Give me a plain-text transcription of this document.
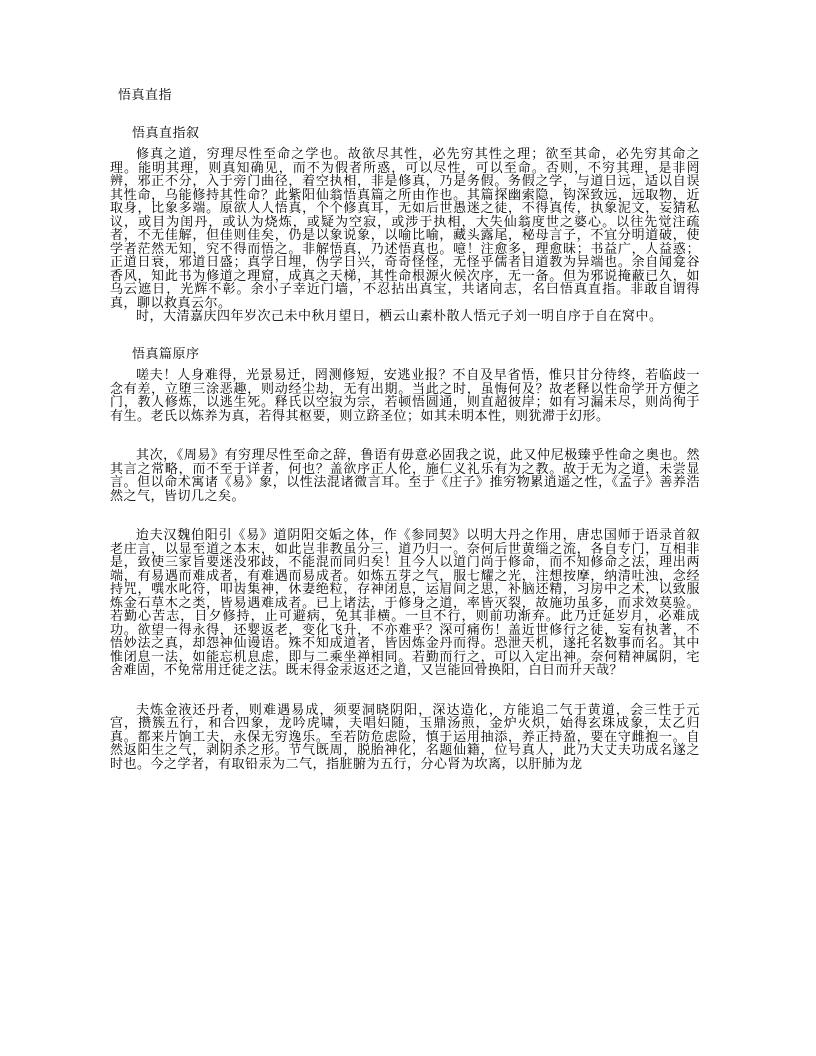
悟真直指
悟真直指叙

修真之道，穷理尽性至命之学也。故欲尽其性，必先穷其性之理；欲至其命，必先穷其命之理。能明其理，则真知确见，而不为假者所惑，可以尽性，可以至命。否则，不穷其理，是非罔辨，邪正不分，入于旁门曲径，着空执相，非是修真，乃是务假。务假之学，与道日远，适以自误其性命，乌能修持其性命？此紫阳仙翁悟真篇之所由作也。其篇探幽索隐，钩深致远，远取物，近取身，比象多端。原欲人人悟真，个个修真耳，无如后世愚迷之徒，不得真传，执象泥文，妄猜私议，或目为闺丹，或认为烧炼，或疑为空寂，或涉于执相，大失仙翁度世之婆心。以往先觉注疏者，不无佳解，但佳则佳矣，仍是以象说象，以喻比喻，藏头露尾，秘母言子，不宜分明道破，使学者茫然无知，究不得而悟之。非解悟真，乃述悟真也。噫！注愈多，理愈昧；书益广，人益惑；正道日衰，邪道日盛；真学日埋，伪学日兴，奇奇怪怪，无怪乎儒者目道教为异端也。余自闻龛谷香风，知此书为修道之理窟，成真之天梯，其性命根源火候次序，无一备。但为邪说掩蔽已久，如乌云遮日，光辉不彰。余小子幸近门墙，不忍拈出真宝，共诸同志，名曰悟真直指。非敢自谓得真，聊以救真云尔。

时，大清嘉庆四年岁次己未中秋月望日，栖云山素朴散人悟元子刘一明自序于自在窝中。

悟真篇原序

嗟夫！人身难得，光景易迁，罔测修短，安逃业报？不自及早省悟，惟只甘分待终，若临歧一念有差，立堕三涂恶趣，则动经尘劫，无有出期。当此之时，虽悔何及？故老释以性命学开方便之门，教人修炼，以逃生死。释氏以空寂为宗，若顿悟圆通，则直超彼岸；如有习漏未尽，则尚徇于有生。老氏以炼养为真，若得其枢要，则立跻圣位；如其未明本性，则犹滞于幻形。

其次，《周易》有穷理尽性至命之辞，鲁语有毋意必固我之说，此又仲尼极臻乎性命之奥也。然其言之常略，而不至于详者，何也？盖欲序正人伦，施仁义礼乐有为之教。故于无为之道，未尝显言。但以命术寓诸《易》象，以性法混诸微言耳。至于《庄子》推穷物累逍遥之性，《孟子》善养浩然之气，皆切几之矣。

迨夫汉魏伯阳引《易》道阴阳交姤之体，作《参同契》以明大丹之作用，唐忠国师于语录首叙老庄言，以显至道之本末，如此岂非教虽分三，道乃归一。奈何后世黄缁之流，各自专门，互相非是，致使三家旨要迷没邪歧，不能混而同归矣！且今人以道门尚于修命，而不知修命之法，理出两端，有易遇而难成者，有难遇而易成者。如炼五芽之气，服七耀之光，注想按摩，纳清吐浊，念经持咒，噀水叱符，叩齿集神，休妻绝粒，存神闭息，运眉间之思，补脑还精，习房中之术，以致服炼金石草木之类，皆易遇难成者。已上诸法，于修身之道，率皆灭裂，故施功虽多，而求效莫验。若勤心苦志，日夕修持，止可避病，免其非横。一旦不行，则前功渐弃。此乃迁延岁月，必难成功。欲望一得永得，还婴返老，变化飞升，不亦难乎？深可痛伤！盖近世修行之徒，妄有执著，不悟妙法之真，却怨神仙谩语。殊不知成道者，皆因炼金丹而得。恐泄天机，遂托名数事而名。其中惟闭息一法，如能忘机息虑，即与二乘坐禅相同。若勤而行之，可以入定出神。奈何精神属阴，宅舍难固，不免常用迁徒之法。既未得金汞返还之道，又岂能回骨换阳，白日而升天哉？

夫炼金液还丹者，则难遇易成，须要洞晓阴阳，深达造化，方能追二气于黄道，会三性于元宫，攒簇五行，和合四象，龙吟虎啸，夫唱妇随，玉鼎汤煎，金炉火炽，始得玄珠成象，太乙归真。都来片饷工夫，永保无穷逸乐。至若防危虑险，慎于运用抽添，养正持盈，要在守雌抱一。自然返阳生之气，剥阴杀之形。节气既周，脱胎神化，名题仙籍，位号真人，此乃大丈夫功成名遂之时也。今之学者，有取铅汞为二气，指脏腑为五行，分心肾为坎离，以肝肺为龙
